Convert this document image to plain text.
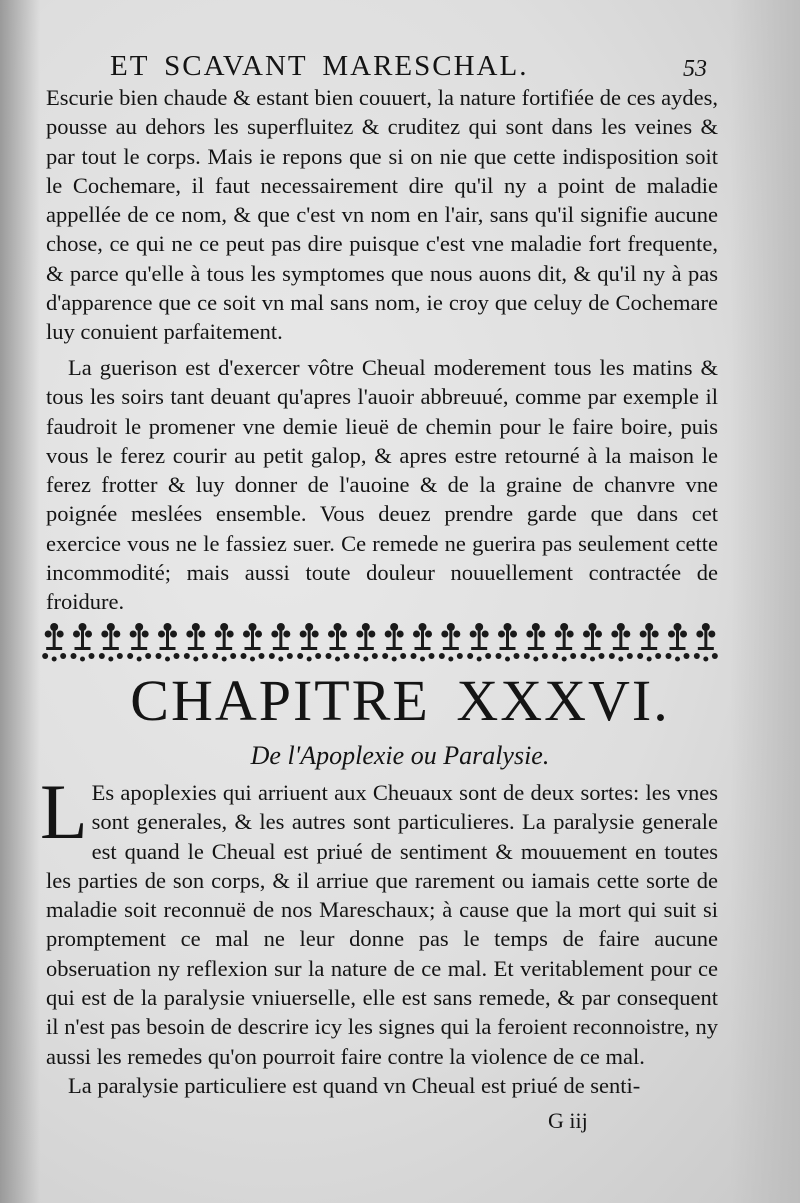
ET SCAVANT MARESCHAL.	53

Escurie bien chaude & estant bien couuert, la nature fortifiée de ces aydes, pousse au dehors les superfluitez & cruditez qui sont dans les veines & par tout le corps. Mais ie repons que si on nie que cette indisposition soit le Cochemare, il faut necessairement dire qu'il ny a point de maladie appellée de ce nom, & que c'est vn nom en l'air, sans qu'il signifie aucune chose, ce qui ne ce peut pas dire puisque c'est vne maladie fort frequente, & parce qu'elle à tous les symptomes que nous auons dit, & qu'il ny à pas d'apparence que ce soit vn mal sans nom, ie croy que celuy de Cochemare luy conuient parfaitement.

La guerison est d'exercer vôtre Cheual moderement tous les matins & tous les soirs tant deuant qu'apres l'auoir abbreuué, comme par exemple il faudroit le promener vne demie lieuë de chemin pour le faire boire, puis vous le ferez courir au petit galop, & apres estre retourné à la maison le ferez frotter & luy donner de l'auoine & de la graine de chanvre vne poignée meslées ensemble. Vous deuez prendre garde que dans cet exercice vous ne le fassiez suer. Ce remede ne guerira pas seulement cette incommodité; mais aussi toute douleur nouuellement contractée de froidure.

CHAPITRE XXXVI.
De l'Apoplexie ou Paralysie.

L Es apoplexies qui arriuent aux Cheuaux sont de deux sortes: les vnes sont generales, & les autres sont particulieres. La paralysie generale est quand le Cheual est priué de sentiment & mouuement en toutes les parties de son corps, & il arriue que rarement ou iamais cette sorte de maladie soit reconnuë de nos Mareschaux; à cause que la mort qui suit si promptement ce mal ne leur donne pas le temps de faire aucune obseruation ny reflexion sur la nature de ce mal. Et veritablement pour ce qui est de la paralysie vniuerselle, elle est sans remede, & par consequent il n'est pas besoin de descrire icy les signes qui la feroient reconnoistre, ny aussi les remedes qu'on pourroit faire contre la violence de ce mal.

La paralysie particuliere est quand vn Cheual est priué de senti-

G iij
